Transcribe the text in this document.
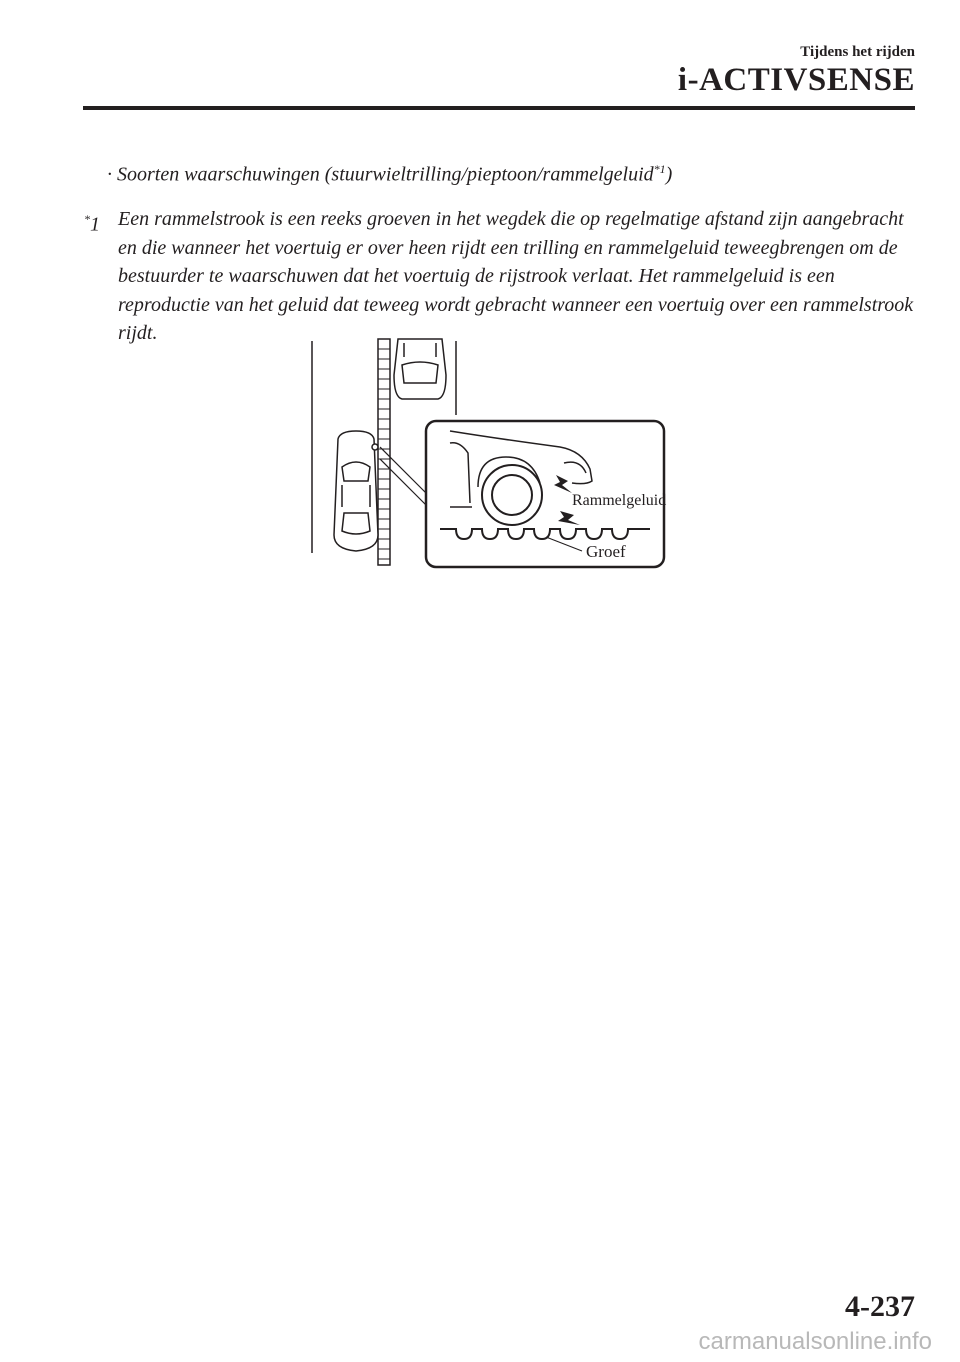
Tijdens het rijden
i-ACTIVSENSE
· Soorten waarschuwingen (stuurwieltrilling/pieptoon/rammelgeluid$^{*1}$)
*1 Een rammelstrook is een reeks groeven in het wegdek die op regelmatige afstand zijn aangebracht en die wanneer het voertuig er over heen rijdt een trilling en rammelgeluid teweegbrengen om de bestuurder te waarschuwen dat het voertuig de rijstrook verlaat. Het rammelgeluid is een reproductie van het geluid dat teweeg wordt gebracht wanneer een voertuig over een rammelstrook rijdt.
Rammelgeluid
Groef
4-237
carmanualsonline.info
